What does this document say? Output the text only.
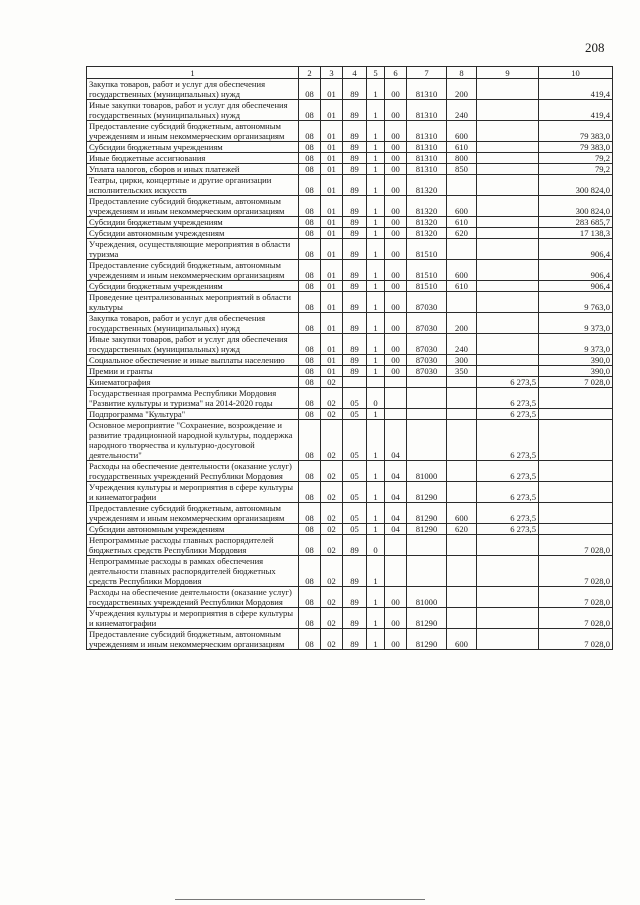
208
1	2	3	4	5	6	7	8	9	10
Закупка товаров, работ и услуг для обеспечения государственных (муниципальных) нужд	08	01	89	1	00	81310	200		419,4
Иные закупки товаров, работ и услуг для обеспечения государственных (муниципальных) нужд	08	01	89	1	00	81310	240		419,4
Предоставление субсидий бюджетным, автономным учреждениям и иным некоммерческим организациям	08	01	89	1	00	81310	600		79 383,0
Субсидии бюджетным учреждениям	08	01	89	1	00	81310	610		79 383,0
Иные бюджетные ассигнования	08	01	89	1	00	81310	800		79,2
Уплата налогов, сборов и иных платежей	08	01	89	1	00	81310	850		79,2
Театры, цирки, концертные и другие организации исполнительских искусств	08	01	89	1	00	81320			300 824,0
Предоставление субсидий бюджетным, автономным учреждениям и иным некоммерческим организациям	08	01	89	1	00	81320	600		300 824,0
Субсидии бюджетным учреждениям	08	01	89	1	00	81320	610		283 685,7
Субсидии автономным учреждениям	08	01	89	1	00	81320	620		17 138,3
Учреждения, осуществляющие мероприятия в области туризма	08	01	89	1	00	81510			906,4
Предоставление субсидий бюджетным, автономным учреждениям и иным некоммерческим организациям	08	01	89	1	00	81510	600		906,4
Субсидии бюджетным учреждениям	08	01	89	1	00	81510	610		906,4
Проведение централизованных мероприятий в области культуры	08	01	89	1	00	87030			9 763,0
Закупка товаров, работ и услуг для обеспечения государственных (муниципальных) нужд	08	01	89	1	00	87030	200		9 373,0
Иные закупки товаров, работ и услуг для обеспечения государственных (муниципальных) нужд	08	01	89	1	00	87030	240		9 373,0
Социальное обеспечение и иные выплаты населению	08	01	89	1	00	87030	300		390,0
Премии и гранты	08	01	89	1	00	87030	350		390,0
Кинематография	08	02						6 273,5	7 028,0
Государственная программа Республики Мордовия "Развитие культуры и туризма" на 2014-2020 годы	08	02	05	0				6 273,5	
Подпрограмма "Культура"	08	02	05	1				6 273,5	
Основное мероприятие "Сохранение, возрождение и развитие традиционной народной культуры, поддержка народного творчества и культурно-досуговой деятельности"	08	02	05	1	04			6 273,5	
Расходы на обеспечение деятельности (оказание услуг) государственных учреждений Республики Мордовия	08	02	05	1	04	81000		6 273,5	
Учреждения культуры и мероприятия в сфере культуры и кинематографии	08	02	05	1	04	81290		6 273,5	
Предоставление субсидий бюджетным, автономным учреждениям и иным некоммерческим организациям	08	02	05	1	04	81290	600	6 273,5	
Субсидии автономным учреждениям	08	02	05	1	04	81290	620	6 273,5	
Непрограммные расходы главных распорядителей бюджетных средств Республики Мордовия	08	02	89	0					7 028,0
Непрограммные расходы в рамках обеспечения деятельности главных распорядителей бюджетных средств Республики Мордовия	08	02	89	1					7 028,0
Расходы на обеспечение деятельности (оказание услуг) государственных учреждений Республики Мордовия	08	02	89	1	00	81000			7 028,0
Учреждения культуры и мероприятия в сфере культуры и кинематографии	08	02	89	1	00	81290			7 028,0
Предоставление субсидий бюджетным, автономным учреждениям и иным некоммерческим организациям	08	02	89	1	00	81290	600		7 028,0
